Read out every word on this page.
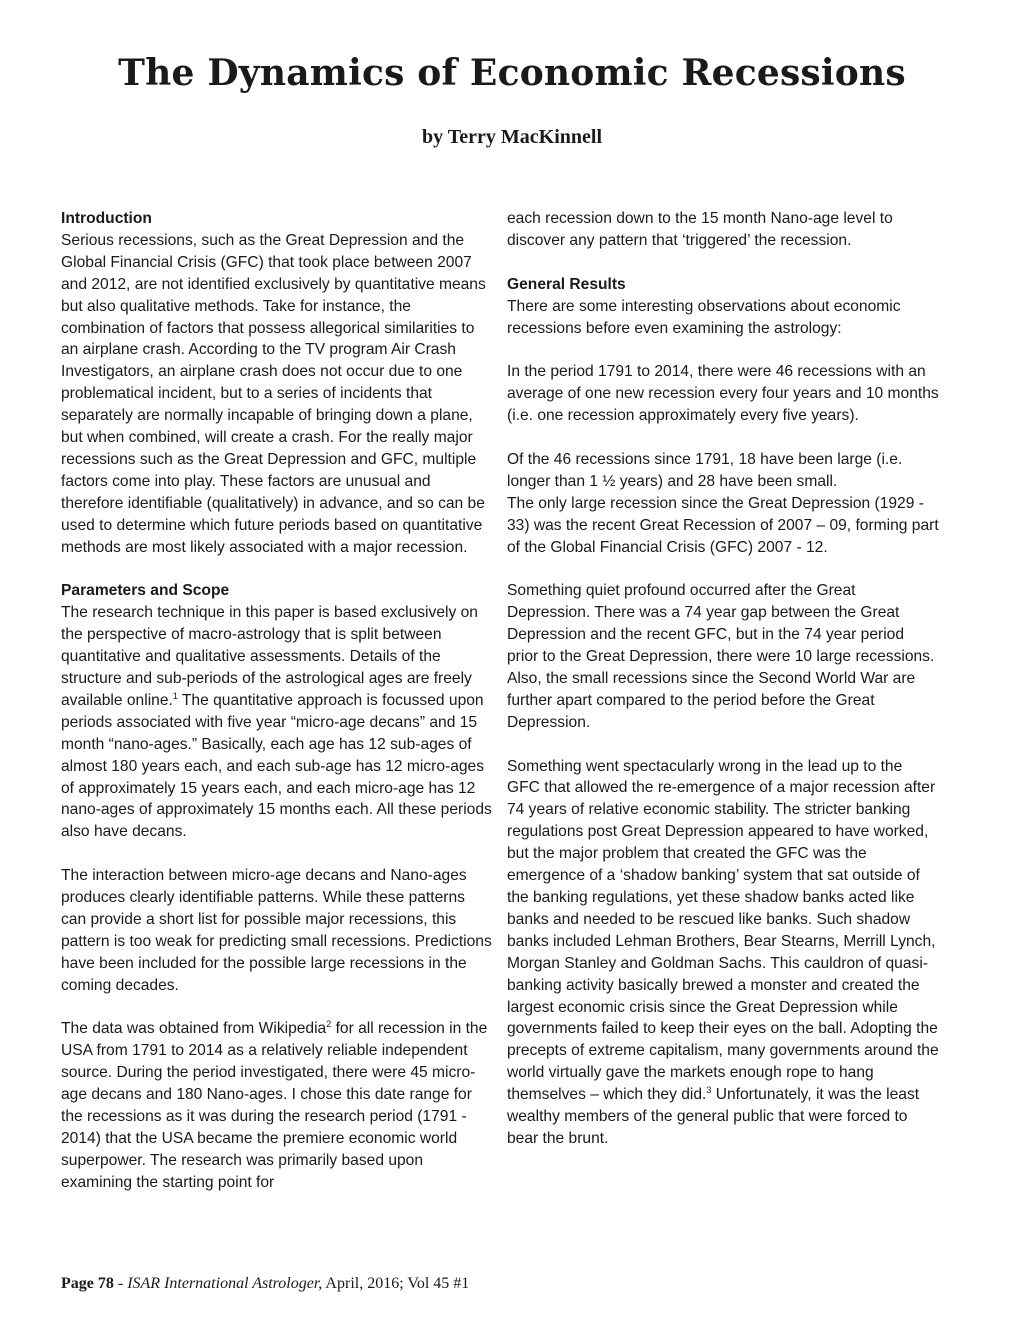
The Dynamics of Economic Recessions
by Terry MacKinnell
Introduction

Serious recessions, such as the Great Depression and the Global Financial Crisis (GFC) that took place between 2007 and 2012, are not identified exclusively by quantitative means but also qualitative methods. Take for instance, the combination of factors that possess allegorical similarities to an airplane crash. According to the TV program Air Crash Investigators, an airplane crash does not occur due to one problematical incident, but to a series of incidents that separately are normally incapable of bringing down a plane, but when combined, will create a crash. For the really major recessions such as the Great Depression and GFC, multiple factors come into play. These factors are unusual and therefore identifiable (qualitatively) in advance, and so can be used to determine which future periods based on quantitative methods are most likely associated with a major recession.

Parameters and Scope

The research technique in this paper is based exclusively on the perspective of macro-astrology that is split between quantitative and qualitative assessments. Details of the structure and sub-periods of the astrological ages are freely available online.$^1$ The quantitative approach is focussed upon periods associated with five year “micro-age decans” and 15 month “nano-ages.” Basically, each age has 12 sub-ages of almost 180 years each, and each sub-age has 12 micro-ages of approximately 15 years each, and each micro-age has 12 nano-ages of approximately 15 months each. All these periods also have decans.

The interaction between micro-age decans and Nano-ages produces clearly identifiable patterns. While these patterns can provide a short list for possible major recessions, this pattern is too weak for predicting small recessions. Predictions have been included for the possible large recessions in the coming decades.

The data was obtained from Wikipedia$^2$ for all recession in the USA from 1791 to 2014 as a relatively reliable independent source. During the period investigated, there were 45 micro-age decans and 180 Nano-ages. I chose this date range for the recessions as it was during the research period (1791 - 2014) that the USA became the premiere economic world superpower. The research was primarily based upon examining the starting point for

each recession down to the 15 month Nano-age level to discover any pattern that ‘triggered’ the recession.

General Results

There are some interesting observations about economic recessions before even examining the astrology:

In the period 1791 to 2014, there were 46 recessions with an average of one new recession every four years and 10 months (i.e. one recession approximately every five years).

Of the 46 recessions since 1791, 18 have been large (i.e. longer than 1 ½ years) and 28 have been small.

The only large recession since the Great Depression (1929 - 33) was the recent Great Recession of 2007 – 09, forming part of the Global Financial Crisis (GFC) 2007 - 12.

Something quiet profound occurred after the Great Depression. There was a 74 year gap between the Great Depression and the recent GFC, but in the 74 year period prior to the Great Depression, there were 10 large recessions. Also, the small recessions since the Second World War are further apart compared to the period before the Great Depression.

Something went spectacularly wrong in the lead up to the GFC that allowed the re-emergence of a major recession after 74 years of relative economic stability. The stricter banking regulations post Great Depression appeared to have worked, but the major problem that created the GFC was the emergence of a ‘shadow banking’ system that sat outside of the banking regulations, yet these shadow banks acted like banks and needed to be rescued like banks. Such shadow banks included Lehman Brothers, Bear Stearns, Merrill Lynch, Morgan Stanley and Goldman Sachs. This cauldron of quasi-banking activity basically brewed a monster and created the largest economic crisis since the Great Depression while governments failed to keep their eyes on the ball. Adopting the precepts of extreme capitalism, many governments around the world virtually gave the markets enough rope to hang themselves – which they did.$^3$ Unfortunately, it was the least wealthy members of the general public that were forced to bear the brunt.

Page 78 - ISAR International Astrologer, April, 2016; Vol 45 #1
